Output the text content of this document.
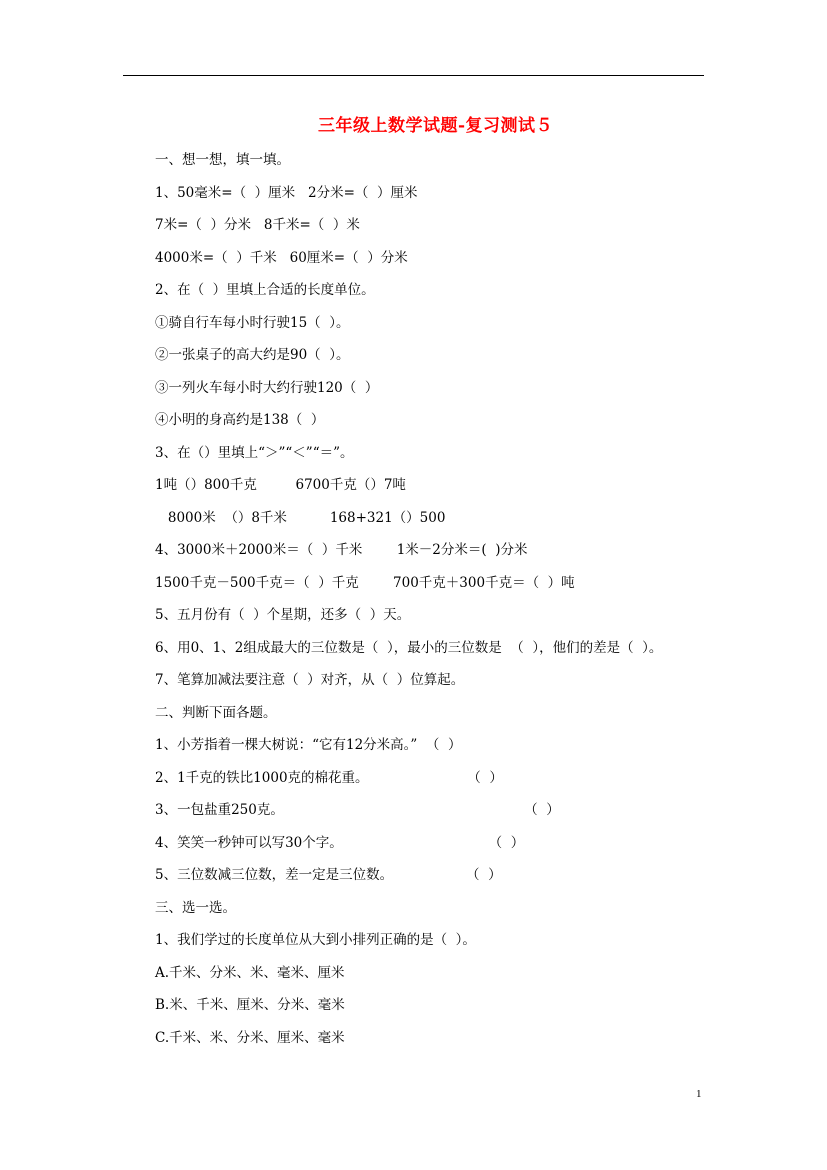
三年级上数学试题-复习测试５
一、想一想，填一填。
1、50毫米=（  ）厘米   2分米=（  ）厘米
7米=（  ）分米   8千米=（  ）米
4000米=（  ）千米   60厘米=（  ）分米
2、在（  ）里填上合适的长度单位。
①骑自行车每小时行驶15（  ）。
②一张桌子的高大约是90（  ）。
③一列火车每小时大约行驶120（  ）
④小明的身高约是138（  ）
3、在（）里填上“＞”“＜”“＝”。
1吨（）800千克         6700千克（）7吨
8000米  （）8千米          168+321（）500
4、3000米＋2000米＝（  ）千米        1米－2分米＝(  )分米
1500千克－500千克＝（  ）千克        700千克＋300千克＝（  ）吨
5、五月份有（  ）个星期，还多（  ）天。
6、用0、1、2组成最大的三位数是（  ），最小的三位数是  （  ），他们的差是（  ）。
7、笔算加减法要注意（  ）对齐，从（  ）位算起。
二、判断下面各题。
1、小芳指着一棵大树说：“它有12分米高。”  （  ）
2、1千克的铁比1000克的棉花重。                       （  ）
3、一包盐重250克。                                                        （  ）
4、笑笑一秒钟可以写30个字。                                  （  ）
5、三位数减三位数，差一定是三位数。                 （  ）
三、选一选。
1、我们学过的长度单位从大到小排列正确的是（  ）。
A.千米、分米、米、毫米、厘米
B.米、千米、厘米、分米、毫米
C.千米、米、分米、厘米、毫米
1
